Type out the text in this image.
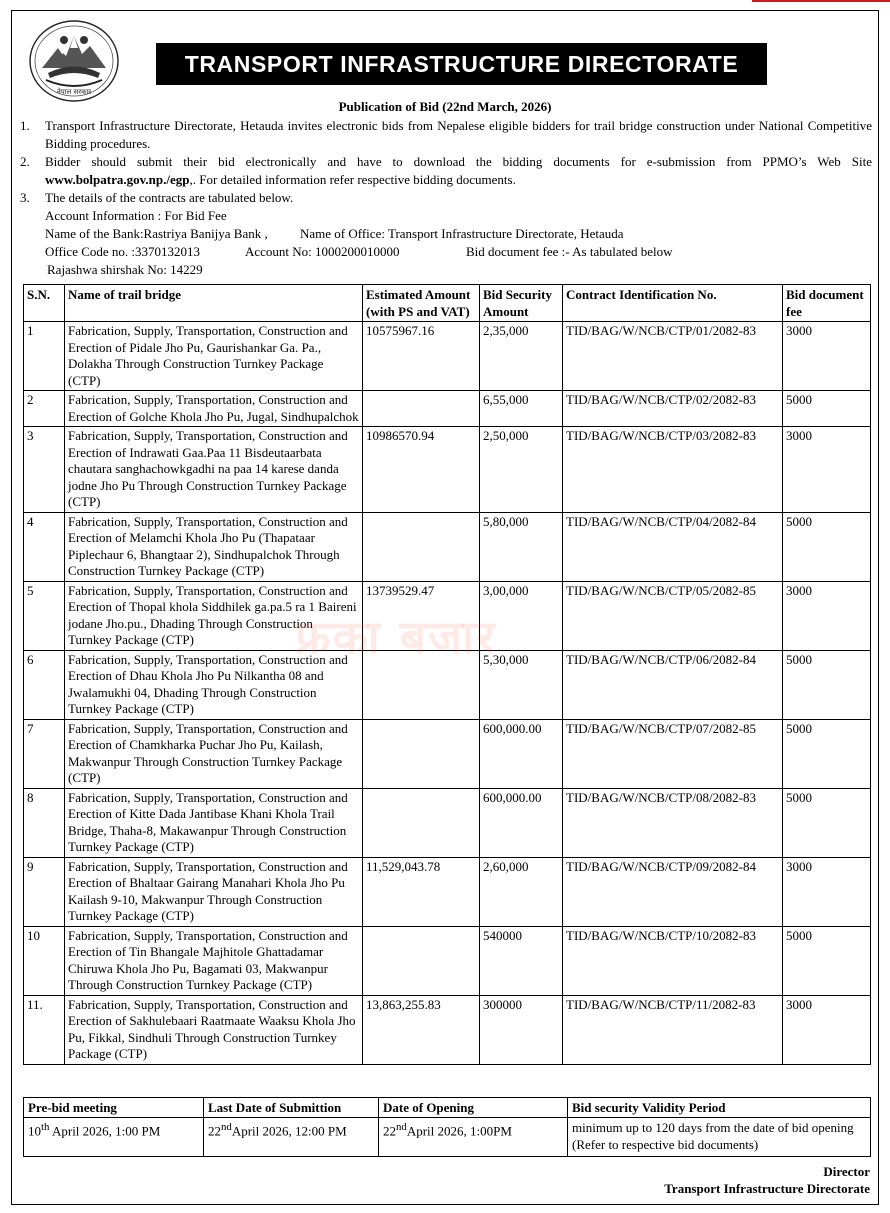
नेपाल सरकार
TRANSPORT INFRASTRUCTURE DIRECTORATE
Publication of Bid (22nd March, 2026)
1.	Transport Infrastructure Directorate, Hetauda invites electronic bids from Nepalese eligible bidders for trail bridge construction under National Competitive Bidding procedures.
2.	Bidder should submit their bid electronically and have to download the bidding documents for e-submission from PPMO’s Web Site www.bolpatra.gov.np./egp,. For detailed information refer respective bidding documents.
3.	The details of the contracts are tabulated below.
Account Information : For Bid Fee
Name of the Bank:Rastriya Banijya Bank ,	Name of Office: Transport Infrastructure Directorate, Hetauda
Office Code no. :3370132013	Account No: 1000200010000	Bid document fee :- As tabulated below
Rajashwa shirshak No: 14229
S.N.	Name of trail bridge	Estimated Amount (with PS and VAT)	Bid Security Amount	Contract Identification No.	Bid document fee
1	Fabrication, Supply, Transportation, Construction and Erection of Pidale Jho Pu, Gaurishankar Ga. Pa., Dolakha Through Construction Turnkey Package (CTP)	10575967.16	2,35,000	TID/BAG/W/NCB/CTP/01/2082-83	3000
2	Fabrication, Supply, Transportation, Construction and Erection of Golche Khola Jho Pu, Jugal, Sindhupalchok		6,55,000	TID/BAG/W/NCB/CTP/02/2082-83	5000
3	Fabrication, Supply, Transportation, Construction and Erection of Indrawati Gaa.Paa 11 Bisdeutaarbata chautara sanghachowkgadhi na paa 14 karese danda jodne Jho Pu Through Construction Turnkey Package (CTP)	10986570.94	2,50,000	TID/BAG/W/NCB/CTP/03/2082-83	3000
4	Fabrication, Supply, Transportation, Construction and Erection of Melamchi Khola Jho Pu (Thapataar Piplechaur 6, Bhangtaar 2), Sindhupalchok Through Construction Turnkey Package (CTP)		5,80,000	TID/BAG/W/NCB/CTP/04/2082-84	5000
5	Fabrication, Supply, Transportation, Construction and Erection of Thopal khola Siddhilek ga.pa.5 ra 1 Baireni jodane Jho.pu., Dhading Through Construction Turnkey Package (CTP)	13739529.47	3,00,000	TID/BAG/W/NCB/CTP/05/2082-85	3000
6	Fabrication, Supply, Transportation, Construction and Erection of Dhau Khola Jho Pu Nilkantha 08 and Jwalamukhi 04, Dhading Through Construction Turnkey Package (CTP)		5,30,000	TID/BAG/W/NCB/CTP/06/2082-84	5000
7	Fabrication, Supply, Transportation, Construction and Erection of Chamkharka Puchar Jho Pu, Kailash, Makwanpur Through Construction Turnkey Package (CTP)		600,000.00	TID/BAG/W/NCB/CTP/07/2082-85	5000
8	Fabrication, Supply, Transportation, Construction and Erection of Kitte Dada Jantibase Khani Khola Trail Bridge, Thaha-8, Makawanpur Through Construction Turnkey Package (CTP)		600,000.00	TID/BAG/W/NCB/CTP/08/2082-83	5000
9	Fabrication, Supply, Transportation, Construction and Erection of Bhaltaar Gairang Manahari Khola Jho Pu Kailash 9-10, Makwanpur Through Construction Turnkey Package (CTP)	11,529,043.78	2,60,000	TID/BAG/W/NCB/CTP/09/2082-84	3000
10	Fabrication, Supply, Transportation, Construction and Erection of Tin Bhangale Majhitole Ghattadamar Chiruwa Khola Jho Pu, Bagamati 03, Makwanpur Through Construction Turnkey Package (CTP)		540000	TID/BAG/W/NCB/CTP/10/2082-83	5000
11.	Fabrication, Supply, Transportation, Construction and Erection of Sakhulebaari Raatmaate Waaksu Khola Jho Pu, Fikkal, Sindhuli Through Construction Turnkey Package (CTP)	13,863,255.83	300000	TID/BAG/W/NCB/CTP/11/2082-83	3000
फ्रका बजार
Pre-bid meeting	Last Date of Submittion	Date of Opening	Bid security Validity Period
10th April 2026, 1:00 PM	22ndApril 2026, 12:00 PM	22ndApril 2026, 1:00PM	minimum up to 120 days from the date of bid opening (Refer to respective bid documents)
Director
Transport Infrastructure Directorate
